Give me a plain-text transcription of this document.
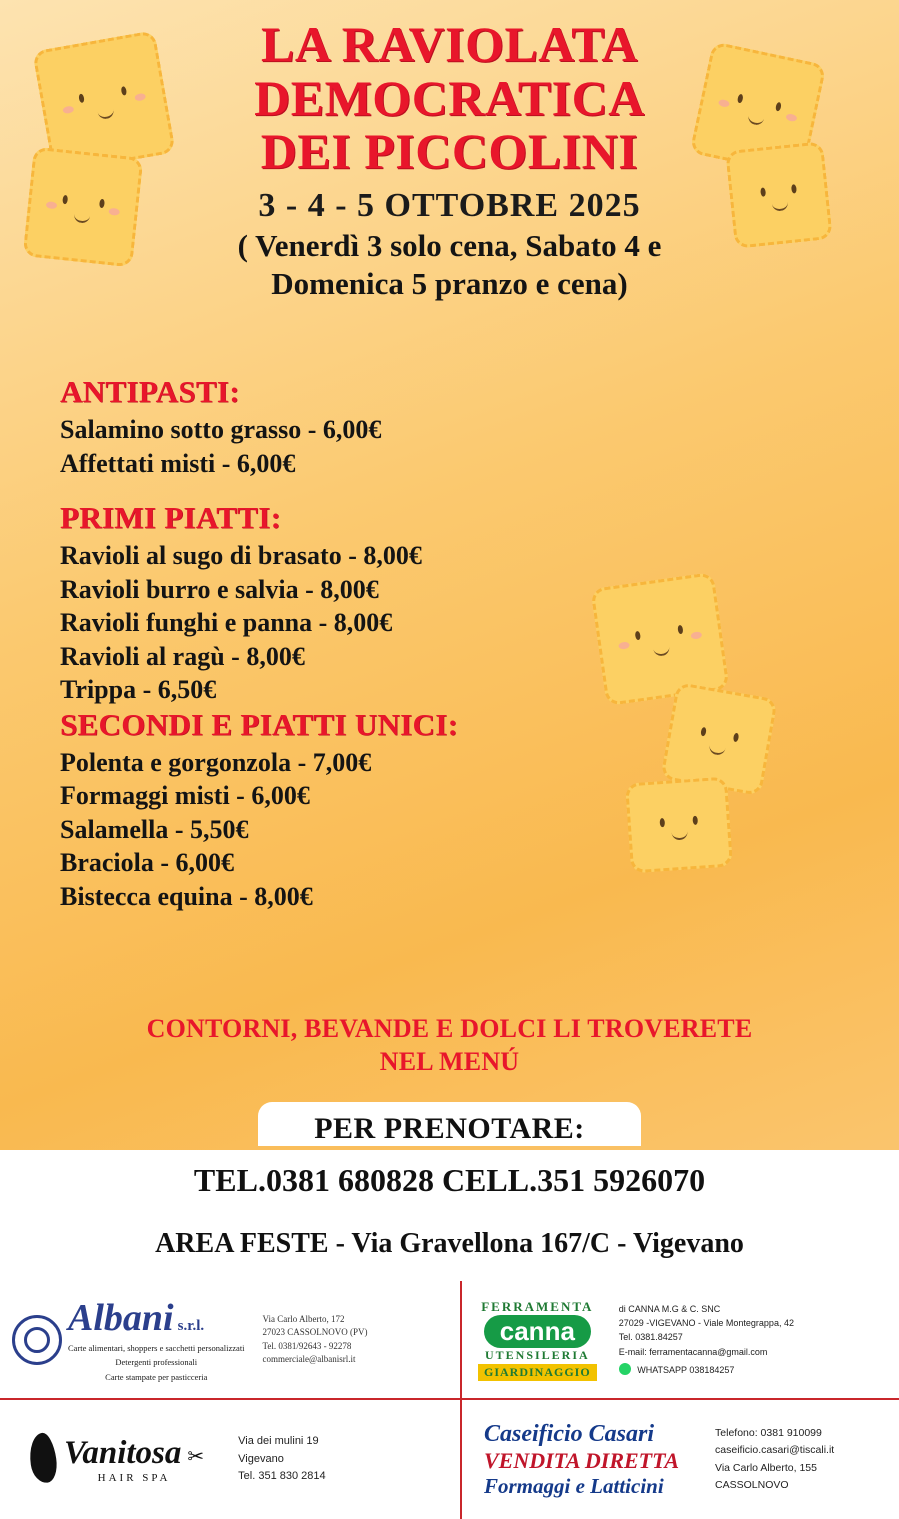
LA RAVIOLATA
DEMOCRATICA
DEI PICCOLINI
3 - 4 - 5 OTTOBRE 2025
( Venerdì 3 solo cena, Sabato 4 e
Domenica 5 pranzo e cena)
ANTIPASTI:
Salamino sotto grasso - 6,00€
Affettati misti - 6,00€
PRIMI PIATTI:
Ravioli al sugo di brasato - 8,00€
Ravioli burro e salvia - 8,00€
Ravioli funghi e panna - 8,00€
Ravioli al ragù - 8,00€
Trippa - 6,50€
SECONDI E PIATTI UNICI:
Polenta e gorgonzola - 7,00€
Formaggi misti - 6,00€
Salamella - 5,50€
Braciola - 6,00€
Bistecca equina - 8,00€
CONTORNI, BEVANDE E DOLCI LI TROVERETE
NEL MENÚ
PER PRENOTARE:
TEL.0381 680828 CELL.351 5926070
AREA FESTE - Via Gravellona 167/C - Vigevano
Albani s.r.l.
Carte alimentari, shoppers e sacchetti personalizzati
Detergenti professionali
Carte stampate per pasticceria
Via Carlo Alberto, 172
27023 CASSOLNOVO (PV)
Tel. 0381/92643 - 92278
commerciale@albanisrl.it
FERRAMENTA
canna
UTENSILERIA
GIARDINAGGIO
di CANNA M.G & C. SNC
27029 -VIGEVANO - Viale Montegrappa, 42
Tel. 0381.84257
E-mail: ferramentacanna@gmail.com
WHATSAPP 038184257
Vanitosa ✂
HAIR SPA
Via dei mulini 19
Vigevano
Tel. 351 830 2814
Caseificio Casari
VENDITA DIRETTA
Formaggi e Latticini
Telefono: 0381 910099
caseificio.casari@tiscali.it
Via Carlo Alberto, 155
CASSOLNOVO
